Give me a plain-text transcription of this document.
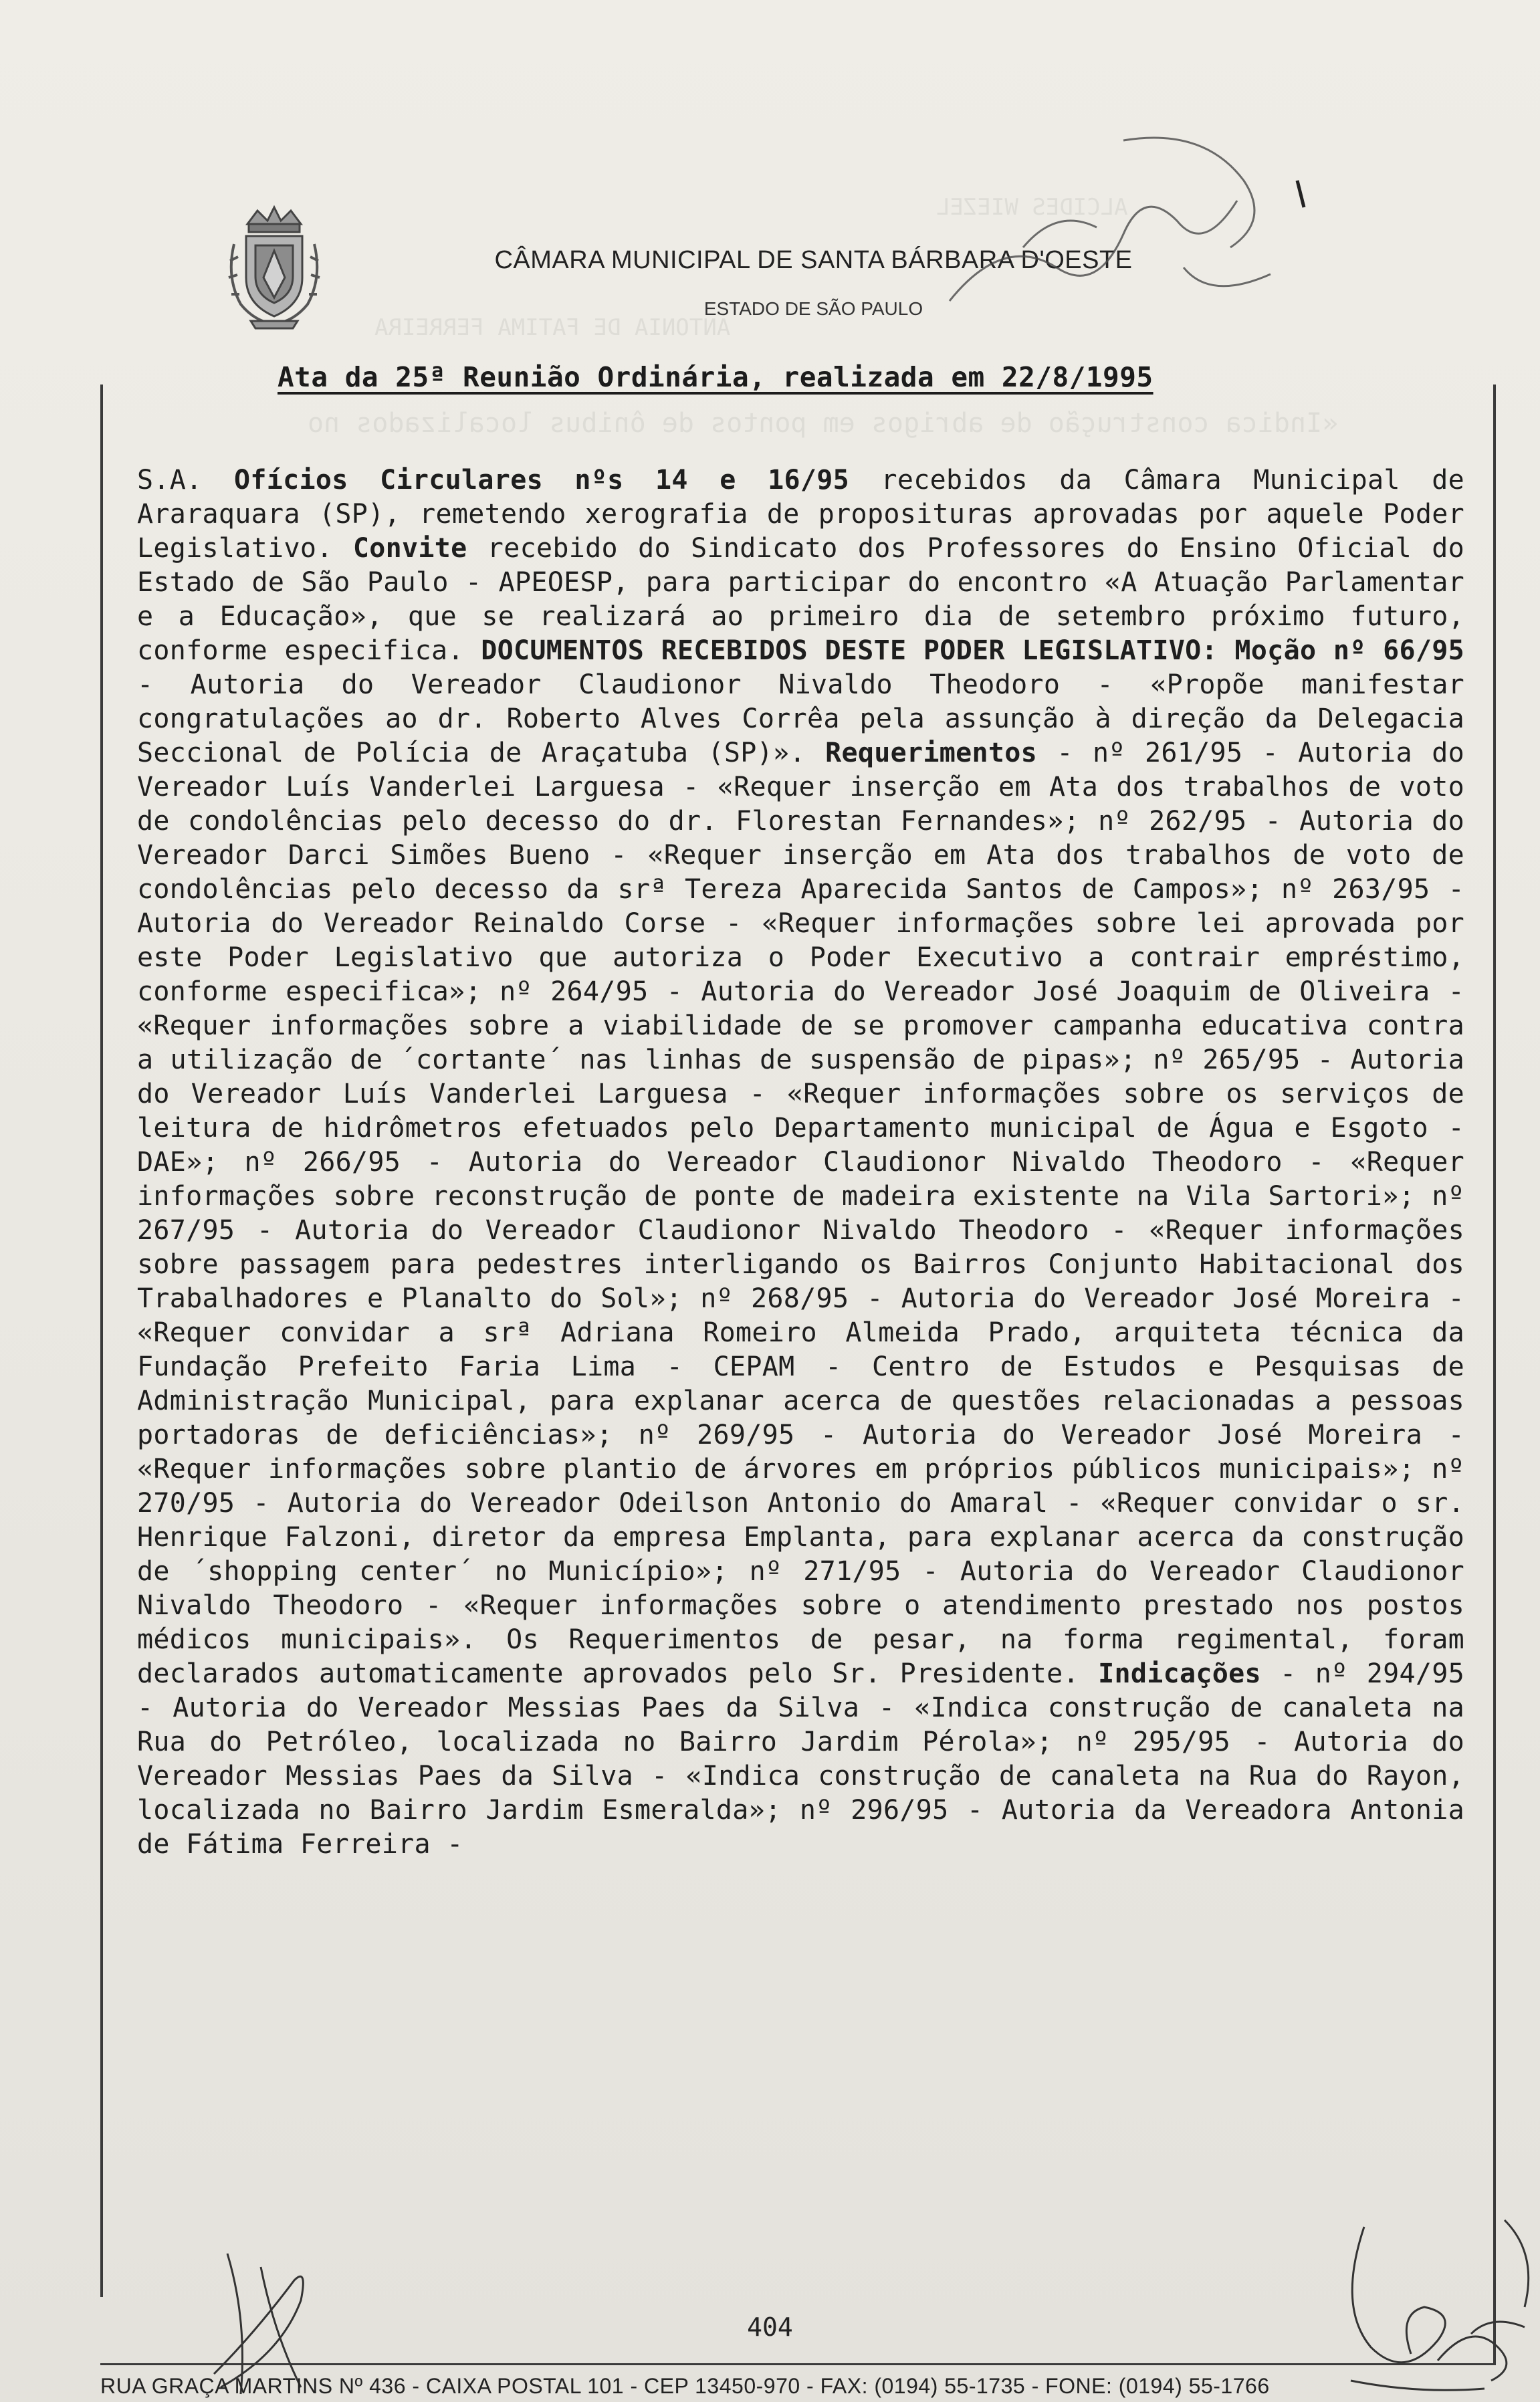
ANTONIA DE FATIMA FERREIRA
ALCIDES WIEZEL
«Indica construção de abrigos em pontos de ônibus localizados no
CÂMARA MUNICIPAL DE SANTA BÁRBARA D'OESTE
ESTADO DE SÃO PAULO
Ata da 25ª Reunião Ordinária, realizada em 22/8/1995

S.A. Ofícios Circulares nºs 14 e 16/95 recebidos da Câmara Municipal de Araraquara (SP), remetendo xerografia de proposituras aprovadas por aquele Poder Legislativo. Convite recebido do Sindicato dos Professores do Ensino Oficial do Estado de São Paulo - APEOESP, para participar do encontro «A Atuação Parlamentar e a Educação», que se realizará ao primeiro dia de setembro próximo futuro, conforme especifica. DOCUMENTOS RECEBIDOS DESTE PODER LEGISLATIVO: Moção nº 66/95 - Autoria do Vereador Claudionor Nivaldo Theodoro - «Propõe manifestar congratulações ao dr. Roberto Alves Corrêa pela assunção à direção da Delegacia Seccional de Polícia de Araçatuba (SP)». Requerimentos - nº 261/95 - Autoria do Vereador Luís Vanderlei Larguesa - «Requer inserção em Ata dos trabalhos de voto de condolências pelo decesso do dr. Florestan Fernandes»; nº 262/95 - Autoria do Vereador Darci Simões Bueno - «Requer inserção em Ata dos trabalhos de voto de condolências pelo decesso da srª Tereza Aparecida Santos de Campos»; nº 263/95 - Autoria do Vereador Reinaldo Corse - «Requer informações sobre lei aprovada por este Poder Legislativo que autoriza o Poder Executivo a contrair empréstimo, conforme especifica»; nº 264/95 - Autoria do Vereador José Joaquim de Oliveira - «Requer informações sobre a viabilidade de se promover campanha educativa contra a utilização de ´cortante´ nas linhas de suspensão de pipas»; nº 265/95 - Autoria do Vereador Luís Vanderlei Larguesa - «Requer informações sobre os serviços de leitura de hidrômetros efetuados pelo Departamento municipal de Água e Esgoto - DAE»; nº 266/95 - Autoria do Vereador Claudionor Nivaldo Theodoro - «Requer informações sobre reconstrução de ponte de madeira existente na Vila Sartori»; nº 267/95 - Autoria do Vereador Claudionor Nivaldo Theodoro - «Requer informações sobre passagem para pedestres interligando os Bairros Conjunto Habitacional dos Trabalhadores e Planalto do Sol»; nº 268/95 - Autoria do Vereador José Moreira - «Requer convidar a srª Adriana Romeiro Almeida Prado, arquiteta técnica da Fundação Prefeito Faria Lima - CEPAM - Centro de Estudos e Pesquisas de Administração Municipal, para explanar acerca de questões relacionadas a pessoas portadoras de deficiências»; nº 269/95 - Autoria do Vereador José Moreira - «Requer informações sobre plantio de árvores em próprios públicos municipais»; nº 270/95 - Autoria do Vereador Odeilson Antonio do Amaral - «Requer convidar o sr. Henrique Falzoni, diretor da empresa Emplanta, para explanar acerca da construção de ´shopping center´ no Município»; nº 271/95 - Autoria do Vereador Claudionor Nivaldo Theodoro - «Requer informações sobre o atendimento prestado nos postos médicos municipais». Os Requerimentos de pesar, na forma regimental, foram declarados automaticamente aprovados pelo Sr. Presidente. Indicações - nº 294/95 - Autoria do Vereador Messias Paes da Silva - «Indica construção de canaleta na Rua do Petróleo, localizada no Bairro Jardim Pérola»; nº 295/95 - Autoria do Vereador Messias Paes da Silva - «Indica construção de canaleta na Rua do Rayon, localizada no Bairro Jardim Esmeralda»; nº 296/95 - Autoria da Vereadora Antonia de Fátima Ferreira -

404
RUA GRAÇA MARTINS Nº 436 - CAIXA POSTAL 101 - CEP 13450-970 - FAX: (0194) 55-1735 - FONE: (0194) 55-1766
